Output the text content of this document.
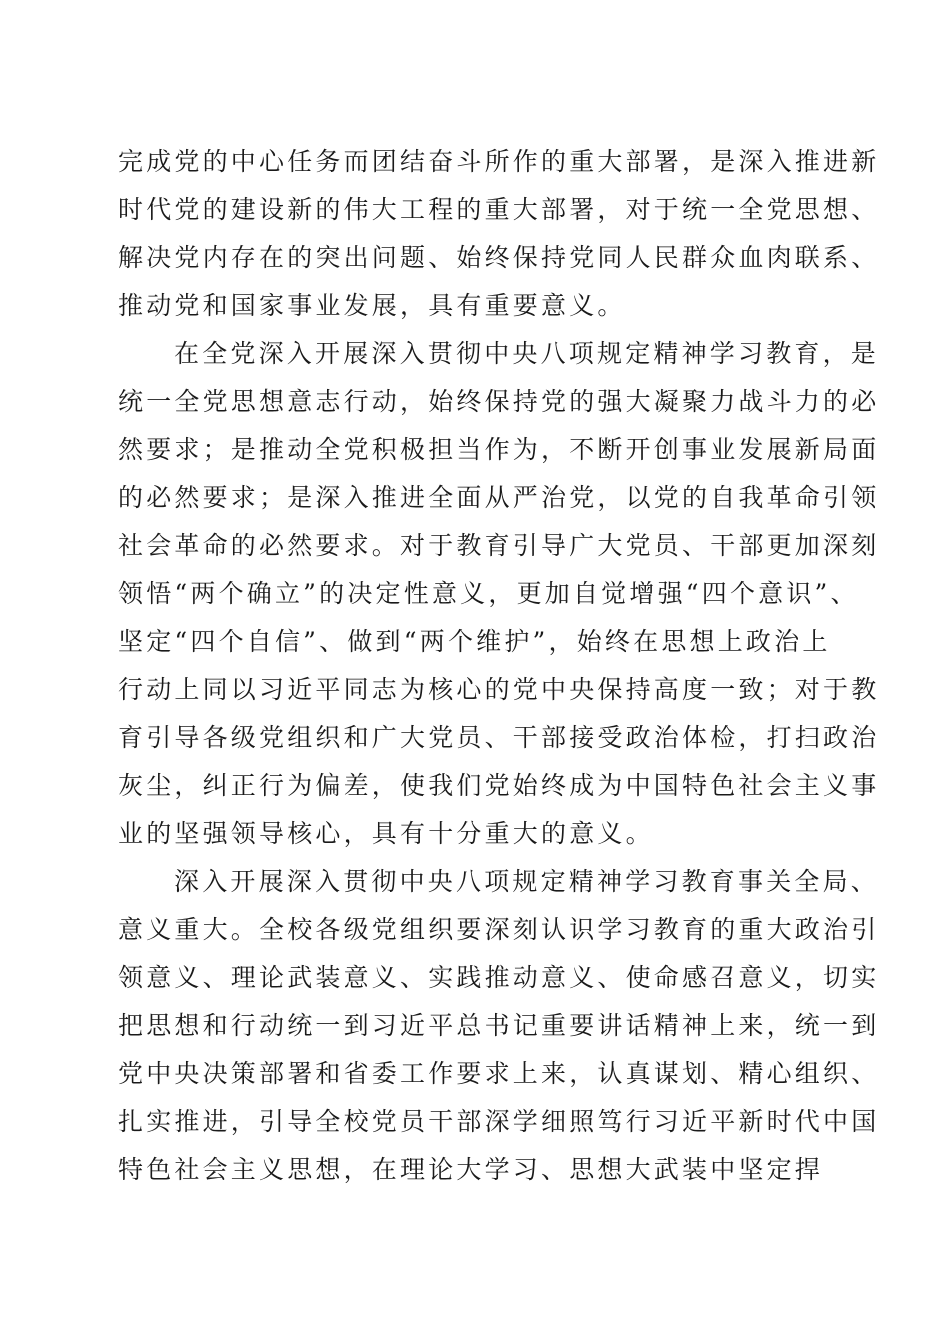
完成党的中心任务而团结奋斗所作的重大部署，是深入推进新
时代党的建设新的伟大工程的重大部署，对于统一全党思想、
解决党内存在的突出问题、始终保持党同人民群众血肉联系、
推动党和国家事业发展，具有重要意义。
在全党深入开展深入贯彻中央八项规定精神学习教育，是
统一全党思想意志行动，始终保持党的强大凝聚力战斗力的必
然要求；是推动全党积极担当作为，不断开创事业发展新局面
的必然要求；是深入推进全面从严治党，以党的自我革命引领
社会革命的必然要求。对于教育引导广大党员、干部更加深刻
领悟“两个确立”的决定性意义，更加自觉增强“四个意识”、
坚定“四个自信”、做到“两个维护”，始终在思想上政治上
行动上同以习近平同志为核心的党中央保持高度一致；对于教
育引导各级党组织和广大党员、干部接受政治体检，打扫政治
灰尘，纠正行为偏差，使我们党始终成为中国特色社会主义事
业的坚强领导核心，具有十分重大的意义。
深入开展深入贯彻中央八项规定精神学习教育事关全局、
意义重大。全校各级党组织要深刻认识学习教育的重大政治引
领意义、理论武装意义、实践推动意义、使命感召意义，切实
把思想和行动统一到习近平总书记重要讲话精神上来，统一到
党中央决策部署和省委工作要求上来，认真谋划、精心组织、
扎实推进，引导全校党员干部深学细照笃行习近平新时代中国
特色社会主义思想，在理论大学习、思想大武装中坚定捍
